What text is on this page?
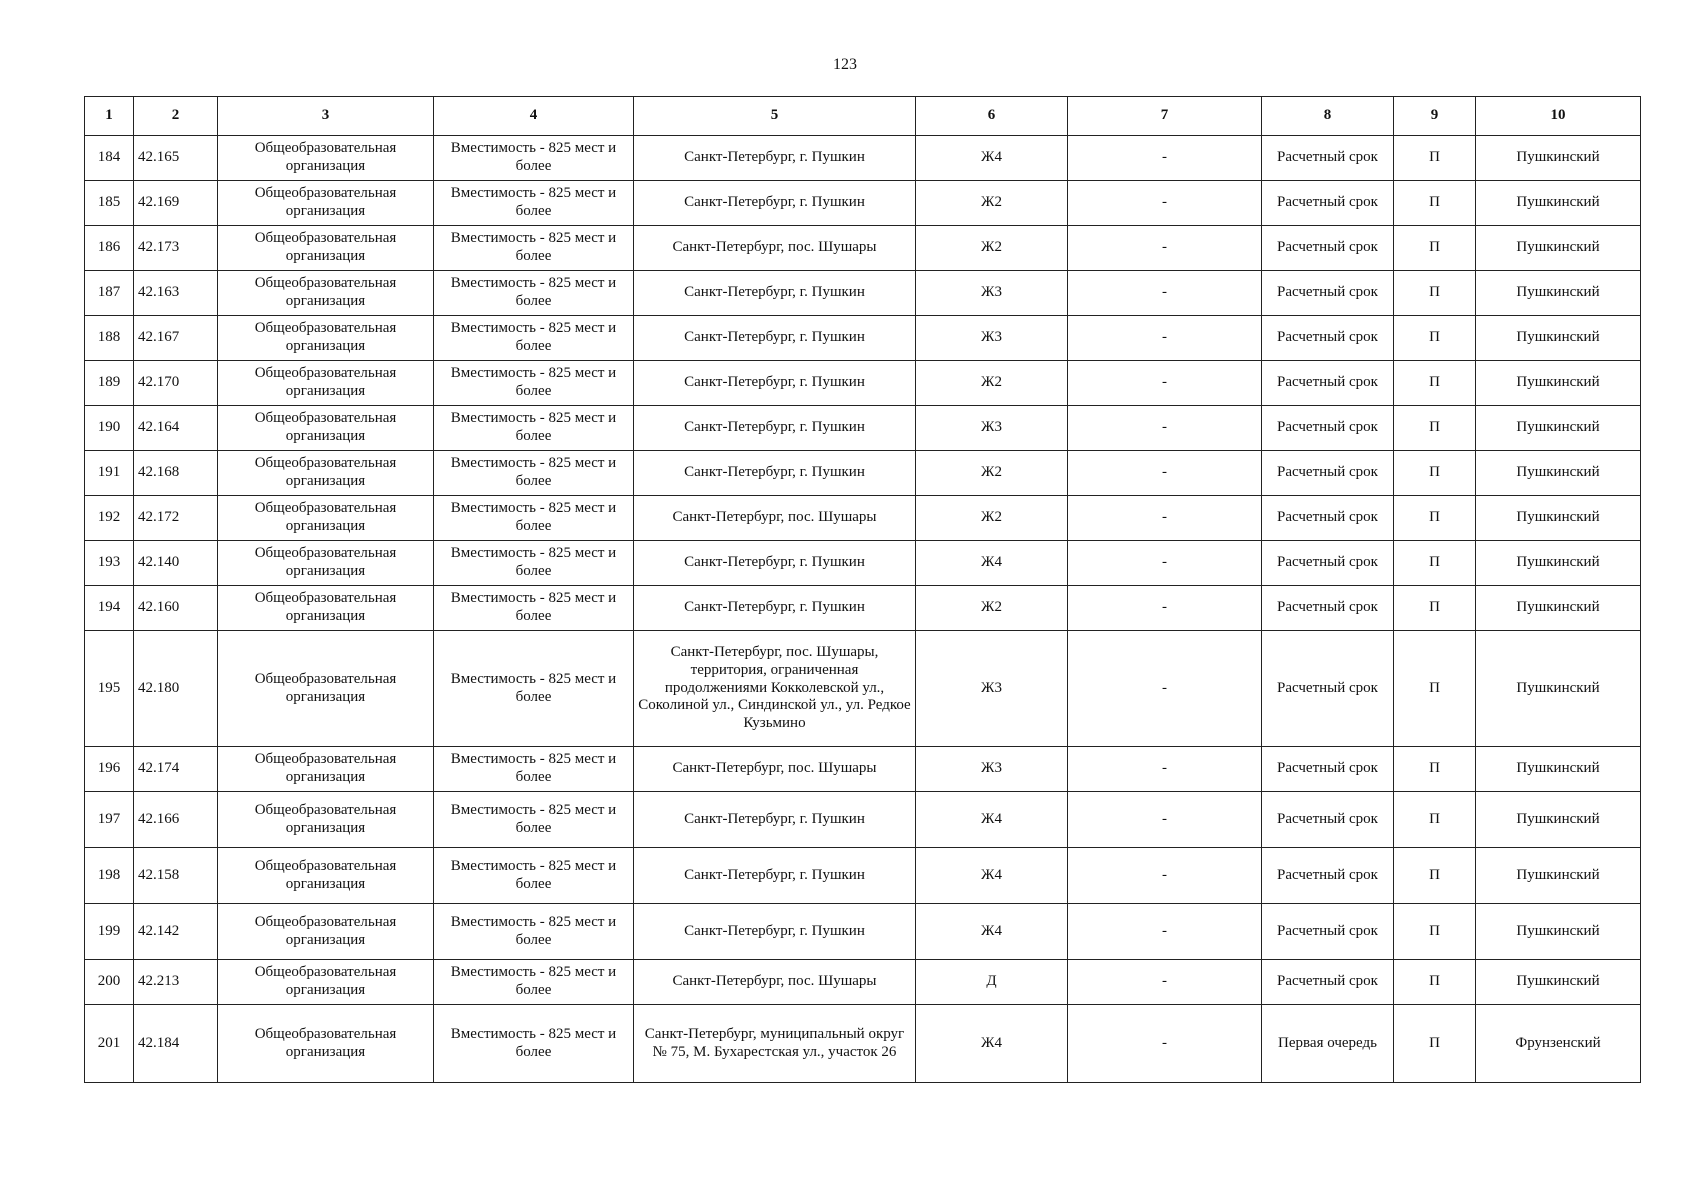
123
1	2	3	4	5	6	7	8	9	10
184	42.165	Общеобразовательная организация	Вместимость - 825 мест и более	Санкт-Петербург, г. Пушкин	Ж4	-	Расчетный срок	П	Пушкинский
185	42.169	Общеобразовательная организация	Вместимость - 825 мест и более	Санкт-Петербург, г. Пушкин	Ж2	-	Расчетный срок	П	Пушкинский
186	42.173	Общеобразовательная организация	Вместимость - 825 мест и более	Санкт-Петербург, пос. Шушары	Ж2	-	Расчетный срок	П	Пушкинский
187	42.163	Общеобразовательная организация	Вместимость - 825 мест и более	Санкт-Петербург, г. Пушкин	Ж3	-	Расчетный срок	П	Пушкинский
188	42.167	Общеобразовательная организация	Вместимость - 825 мест и более	Санкт-Петербург, г. Пушкин	Ж3	-	Расчетный срок	П	Пушкинский
189	42.170	Общеобразовательная организация	Вместимость - 825 мест и более	Санкт-Петербург, г. Пушкин	Ж2	-	Расчетный срок	П	Пушкинский
190	42.164	Общеобразовательная организация	Вместимость - 825 мест и более	Санкт-Петербург, г. Пушкин	Ж3	-	Расчетный срок	П	Пушкинский
191	42.168	Общеобразовательная организация	Вместимость - 825 мест и более	Санкт-Петербург, г. Пушкин	Ж2	-	Расчетный срок	П	Пушкинский
192	42.172	Общеобразовательная организация	Вместимость - 825 мест и более	Санкт-Петербург, пос. Шушары	Ж2	-	Расчетный срок	П	Пушкинский
193	42.140	Общеобразовательная организация	Вместимость - 825 мест и более	Санкт-Петербург, г. Пушкин	Ж4	-	Расчетный срок	П	Пушкинский
194	42.160	Общеобразовательная организация	Вместимость - 825 мест и более	Санкт-Петербург, г. Пушкин	Ж2	-	Расчетный срок	П	Пушкинский
195	42.180	Общеобразовательная организация	Вместимость - 825 мест и более	Санкт-Петербург, пос. Шушары, территория, ограниченная продолжениями Кокколевской ул., Соколиной ул., Синдинской ул., ул. Редкое Кузьмино	Ж3	-	Расчетный срок	П	Пушкинский
196	42.174	Общеобразовательная организация	Вместимость - 825 мест и более	Санкт-Петербург, пос. Шушары	Ж3	-	Расчетный срок	П	Пушкинский
197	42.166	Общеобразовательная организация	Вместимость - 825 мест и более	Санкт-Петербург, г. Пушкин	Ж4	-	Расчетный срок	П	Пушкинский
198	42.158	Общеобразовательная организация	Вместимость - 825 мест и более	Санкт-Петербург, г. Пушкин	Ж4	-	Расчетный срок	П	Пушкинский
199	42.142	Общеобразовательная организация	Вместимость - 825 мест и более	Санкт-Петербург, г. Пушкин	Ж4	-	Расчетный срок	П	Пушкинский
200	42.213	Общеобразовательная организация	Вместимость - 825 мест и более	Санкт-Петербург, пос. Шушары	Д	-	Расчетный срок	П	Пушкинский
201	42.184	Общеобразовательная организация	Вместимость - 825 мест и более	Санкт-Петербург, муниципальный округ № 75, М. Бухарестская ул., участок 26	Ж4	-	Первая очередь	П	Фрунзенский
